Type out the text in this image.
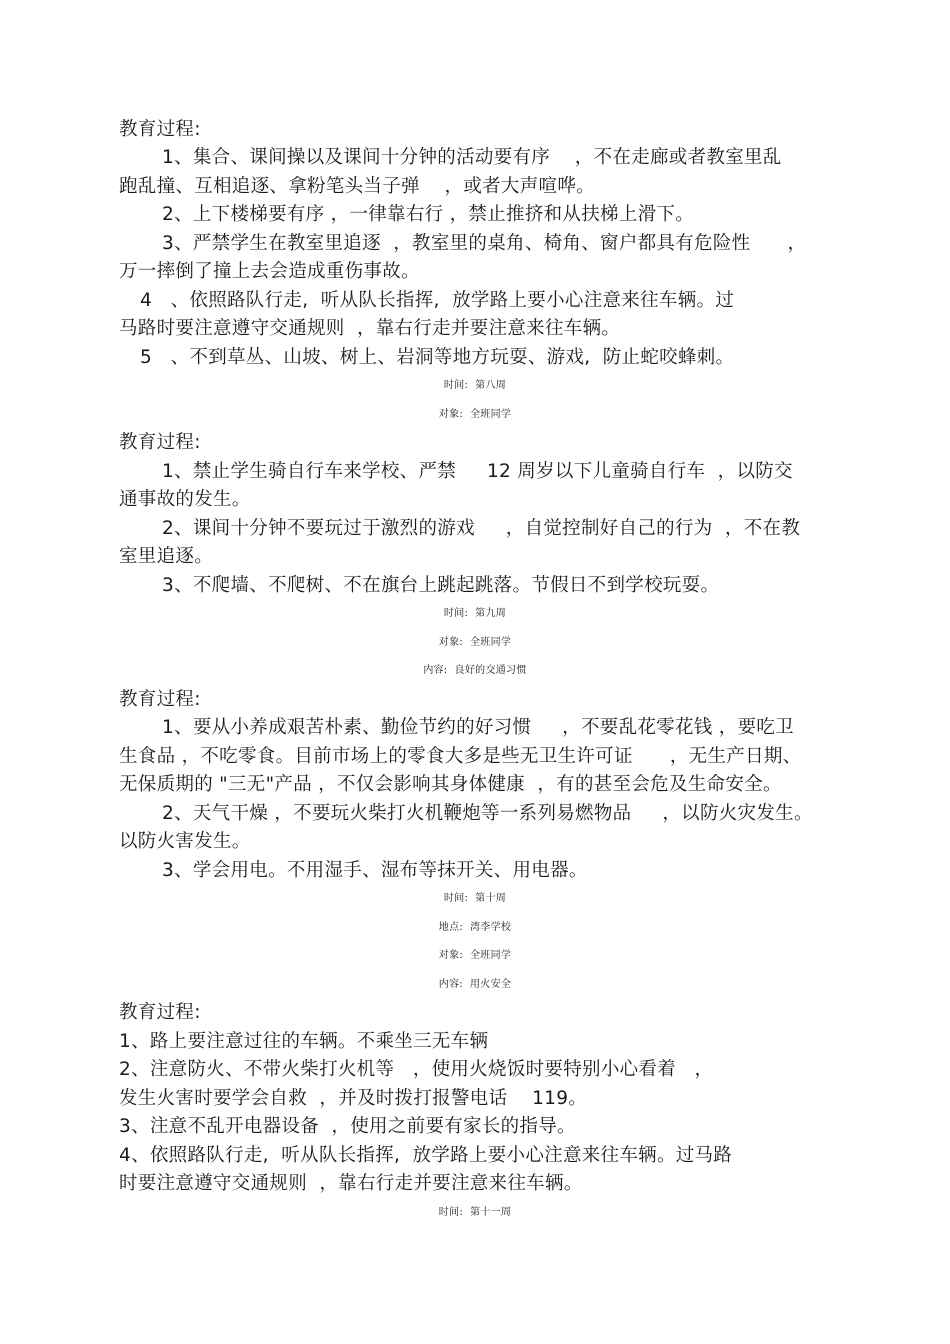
教育过程:
1、集合、课间操以及课间十分钟的活动要有序    ，不在走廊或者教室里乱
跑乱撞、互相追逐、拿粉笔头当子弹    ，或者大声喧哗。
2、上下楼梯要有序 ，一律靠右行 ，禁止推挤和从扶梯上滑下。
3、严禁学生在教室里追逐  ，教室里的桌角、椅角、窗户都具有危险性      ，
万一摔倒了撞上去会造成重伤事故。
4   、依照路队行走,  听从队长指挥,  放学路上要小心注意来往车辆。过
马路时要注意遵守交通规则  ，靠右行走并要注意来往车辆。
5   、不到草丛、山坡、树上、岩洞等地方玩耍、游戏,  防止蛇咬蜂刺。
时间:  第八周
对象:  全班同学
教育过程:
1、禁止学生骑自行车来学校、严禁     12 周岁以下儿童骑自行车  ，以防交
通事故的发生。
2、课间十分钟不要玩过于激烈的游戏     ，自觉控制好自己的行为  ，不在教
室里追逐。
3、不爬墙、不爬树、不在旗台上跳起跳落。节假日不到学校玩耍。
时间:  第九周
对象:  全班同学
内容:  良好的交通习惯
教育过程:
1、要从小养成艰苦朴素、勤俭节约的好习惯     ，不要乱花零花钱 ，要吃卫
生食品 ，不吃零食。目前市场上的零食大多是些无卫生许可证      ，无生产日期、
无保质期的 "三无"产品 ，不仅会影响其身体健康  ，有的甚至会危及生命安全。
2、天气干燥 ，不要玩火柴打火机鞭炮等一系列易燃物品     ，以防火灾发生。
以防火害发生。
3、学会用电。不用湿手、湿布等抹开关、用电器。
时间:  第十周
地点:  湾李学校
对象:  全班同学
内容:  用火安全
教育过程:
1、路上要注意过往的车辆。不乘坐三无车辆
2、注意防火、不带火柴打火机等   ，使用火烧饭时要特别小心看着   ，
发生火害时要学会自救  ，并及时拨打报警电话    119。
3、注意不乱开电器设备  ，使用之前要有家长的指导。
4、依照路队行走,  听从队长指挥,  放学路上要小心注意来往车辆。过马路
时要注意遵守交通规则  ，靠右行走并要注意来往车辆。
时间:  第十一周
